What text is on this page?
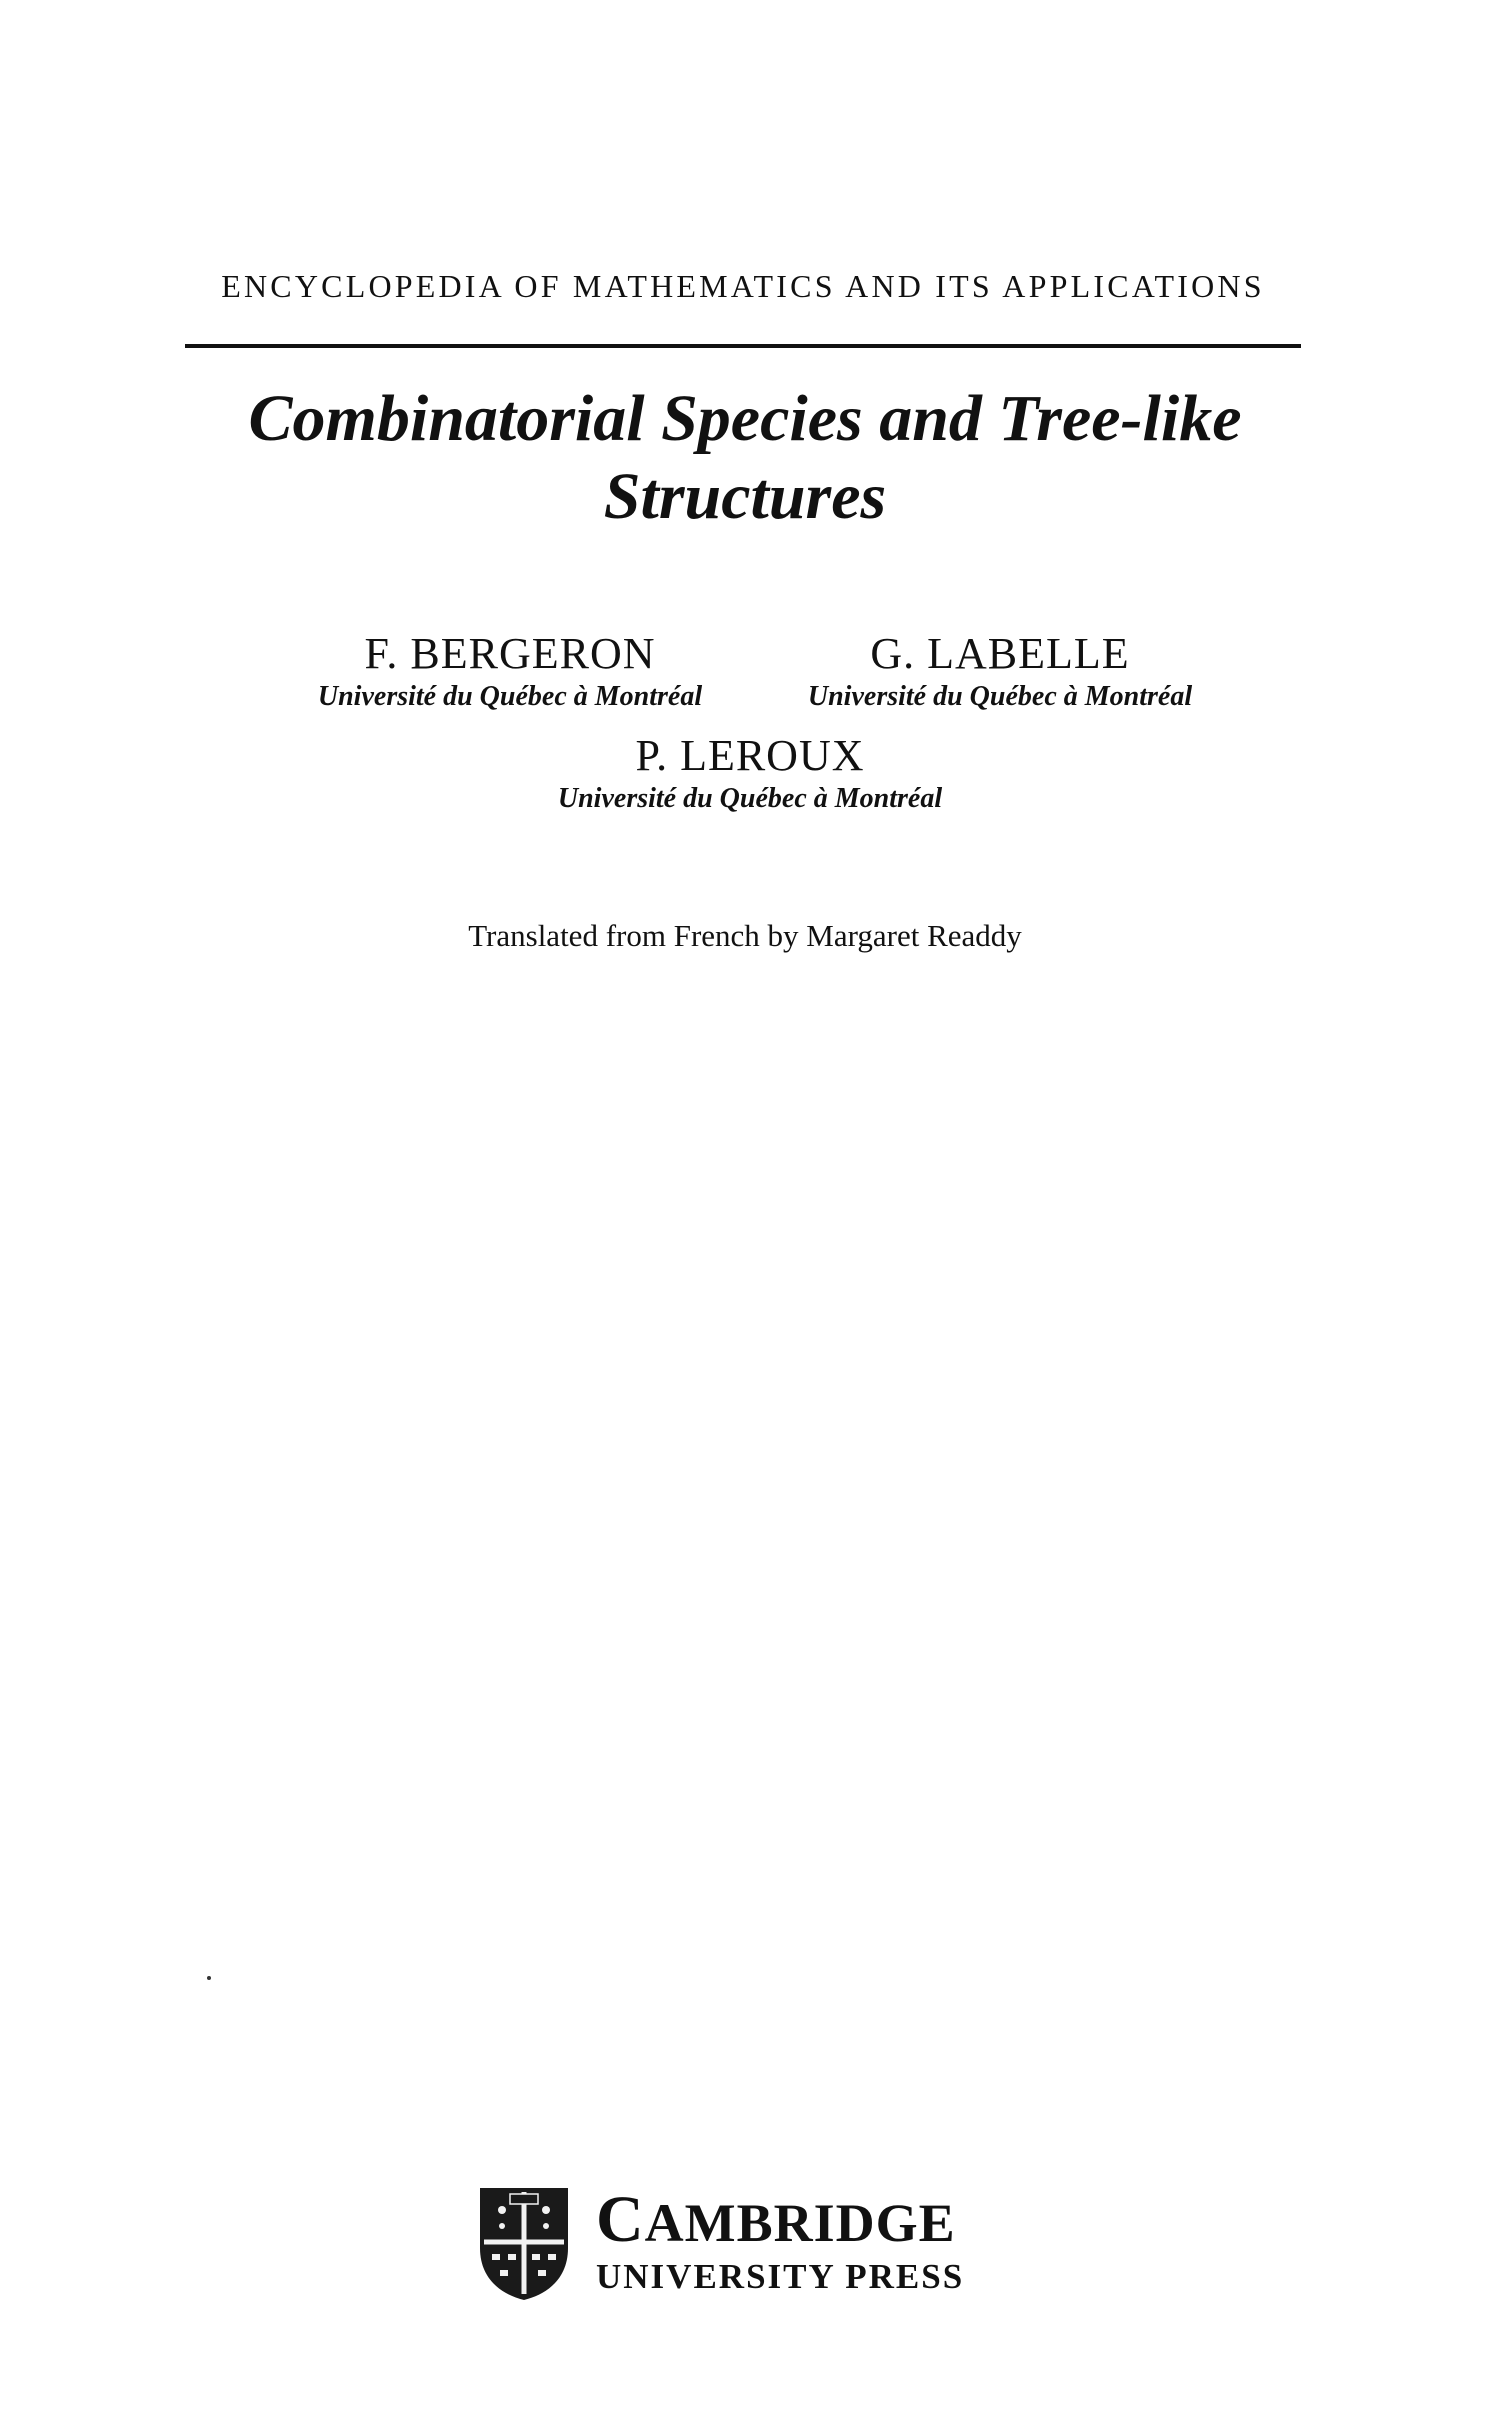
ENCYCLOPEDIA OF MATHEMATICS AND ITS APPLICATIONS
Combinatorial Species and Tree-like
Structures
F. BERGERON
Université du Québec à Montréal
G. LABELLE
Université du Québec à Montréal
P. LEROUX
Université du Québec à Montréal
Translated from French by Margaret Readdy
CAMBRIDGE
UNIVERSITY PRESS
